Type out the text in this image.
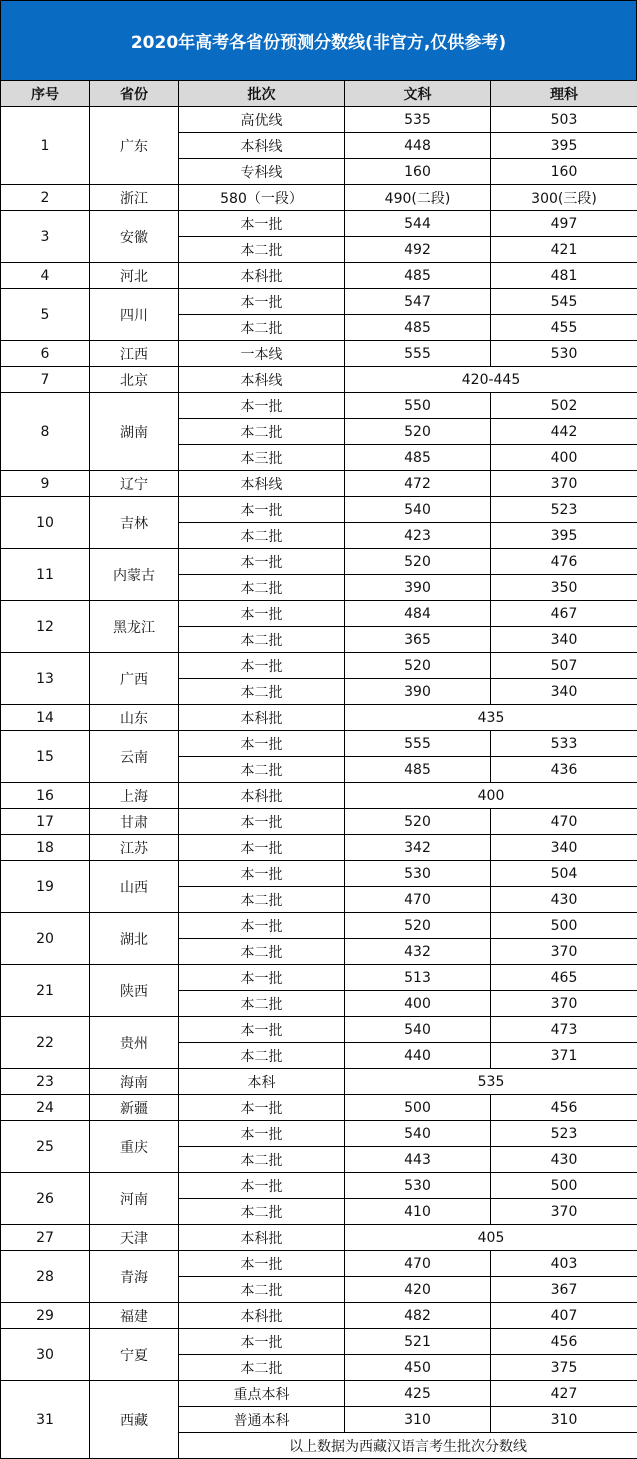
2020年高考各省份预测分数线(非官方,仅供参考)
序号	省份	批次	文科	理科
1	广东	高优线	535	503
		本科线	448	395
		专科线	160	160
2	浙江	580（一段）	490(二段)	300(三段)
3	安徽	本一批	544	497
		本二批	492	421
4	河北	本科批	485	481
5	四川	本一批	547	545
		本二批	485	455
6	江西	一本线	555	530
7	北京	本科线	420-445	
8	湖南	本一批	550	502
		本二批	520	442
		本三批	485	400
9	辽宁	本科线	472	370
10	吉林	本一批	540	523
		本二批	423	395
11	内蒙古	本一批	520	476
		本二批	390	350
12	黑龙江	本一批	484	467
		本二批	365	340
13	广西	本一批	520	507
		本二批	390	340
14	山东	本科批	435	
15	云南	本一批	555	533
		本二批	485	436
16	上海	本科批	400	
17	甘肃	本一批	520	470
18	江苏	本一批	342	340
19	山西	本一批	530	504
		本二批	470	430
20	湖北	本一批	520	500
		本二批	432	370
21	陕西	本一批	513	465
		本二批	400	370
22	贵州	本一批	540	473
		本二批	440	371
23	海南	本科	535	
24	新疆	本一批	500	456
25	重庆	本一批	540	523
		本二批	443	430
26	河南	本一批	530	500
		本二批	410	370
27	天津	本科批	405	
28	青海	本一批	470	403
		本二批	420	367
29	福建	本科批	482	407
30	宁夏	本一批	521	456
		本二批	450	375
31	西藏	重点本科	425	427
		普通本科	310	310
		以上数据为西藏汉语言考生批次分数线		
